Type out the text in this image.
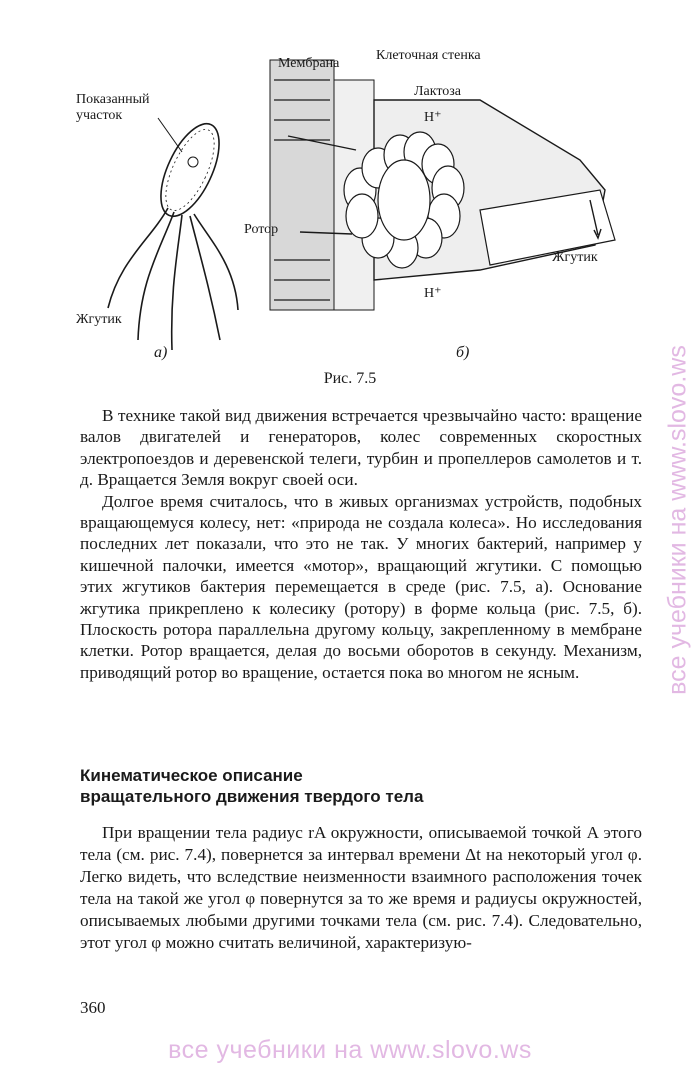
Показанный
участок
Жгутик
Мембрана
Клеточная стенка
Лактоза
H⁺
Ротор
Жгутик
H⁺
а)	б)
Рис. 7.5

В технике такой вид движения встречается чрезвычайно часто: вращение валов двигателей и генераторов, колес современных скоростных электропоездов и деревенской телеги, турбин и пропеллеров самолетов и т. д. Вращается Земля вокруг своей оси.

Долгое время считалось, что в живых организмах устройств, подобных вращающемуся колесу, нет: «природа не создала колеса». Но исследования последних лет показали, что это не так. У многих бактерий, например у кишечной палочки, имеется «мотор», вращающий жгутики. С помощью этих жгутиков бактерия перемещается в среде (рис. 7.5, а). Основание жгутика прикреплено к колесику (ротору) в форме кольца (рис. 7.5, б). Плоскость ротора параллельна другому кольцу, закрепленному в мембране клетки. Ротор вращается, делая до восьми оборотов в секунду. Механизм, приводящий ротор во вращение, остается пока во многом не ясным.

Кинематическое описание
вращательного движения твердого тела

При вращении тела радиус rA окружности, описываемой точкой A этого тела (см. рис. 7.4), повернется за интервал времени Δt на некоторый угол φ. Легко видеть, что вследствие неизменности взаимного расположения точек тела на такой же угол φ повернутся за то же время и радиусы окружностей, описываемых любыми другими точками тела (см. рис. 7.4). Следовательно, этот угол φ можно считать величиной, характеризую-

360
все учебники на www.slovo.ws
все учебники на www.slovo.ws
